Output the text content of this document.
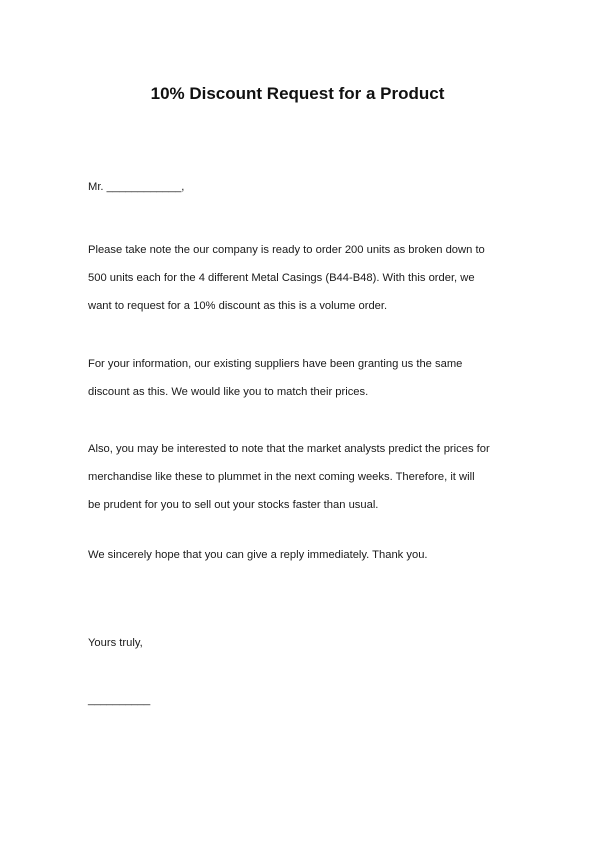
10% Discount Request for a Product
Mr. ____________,
Please take note the our company is ready to order 200 units as broken down to
500 units each for the 4 different Metal Casings (B44-B48). With this order, we
want to request for a 10% discount as this is a volume order.
For your information, our existing suppliers have been granting us the same
discount as this. We would like you to match their prices.
Also, you may be interested to note that the market analysts predict the prices for
merchandise like these to plummet in the next coming weeks. Therefore, it will
be prudent for you to sell out your stocks faster than usual.
We sincerely hope that you can give a reply immediately. Thank you.
Yours truly,
__________
